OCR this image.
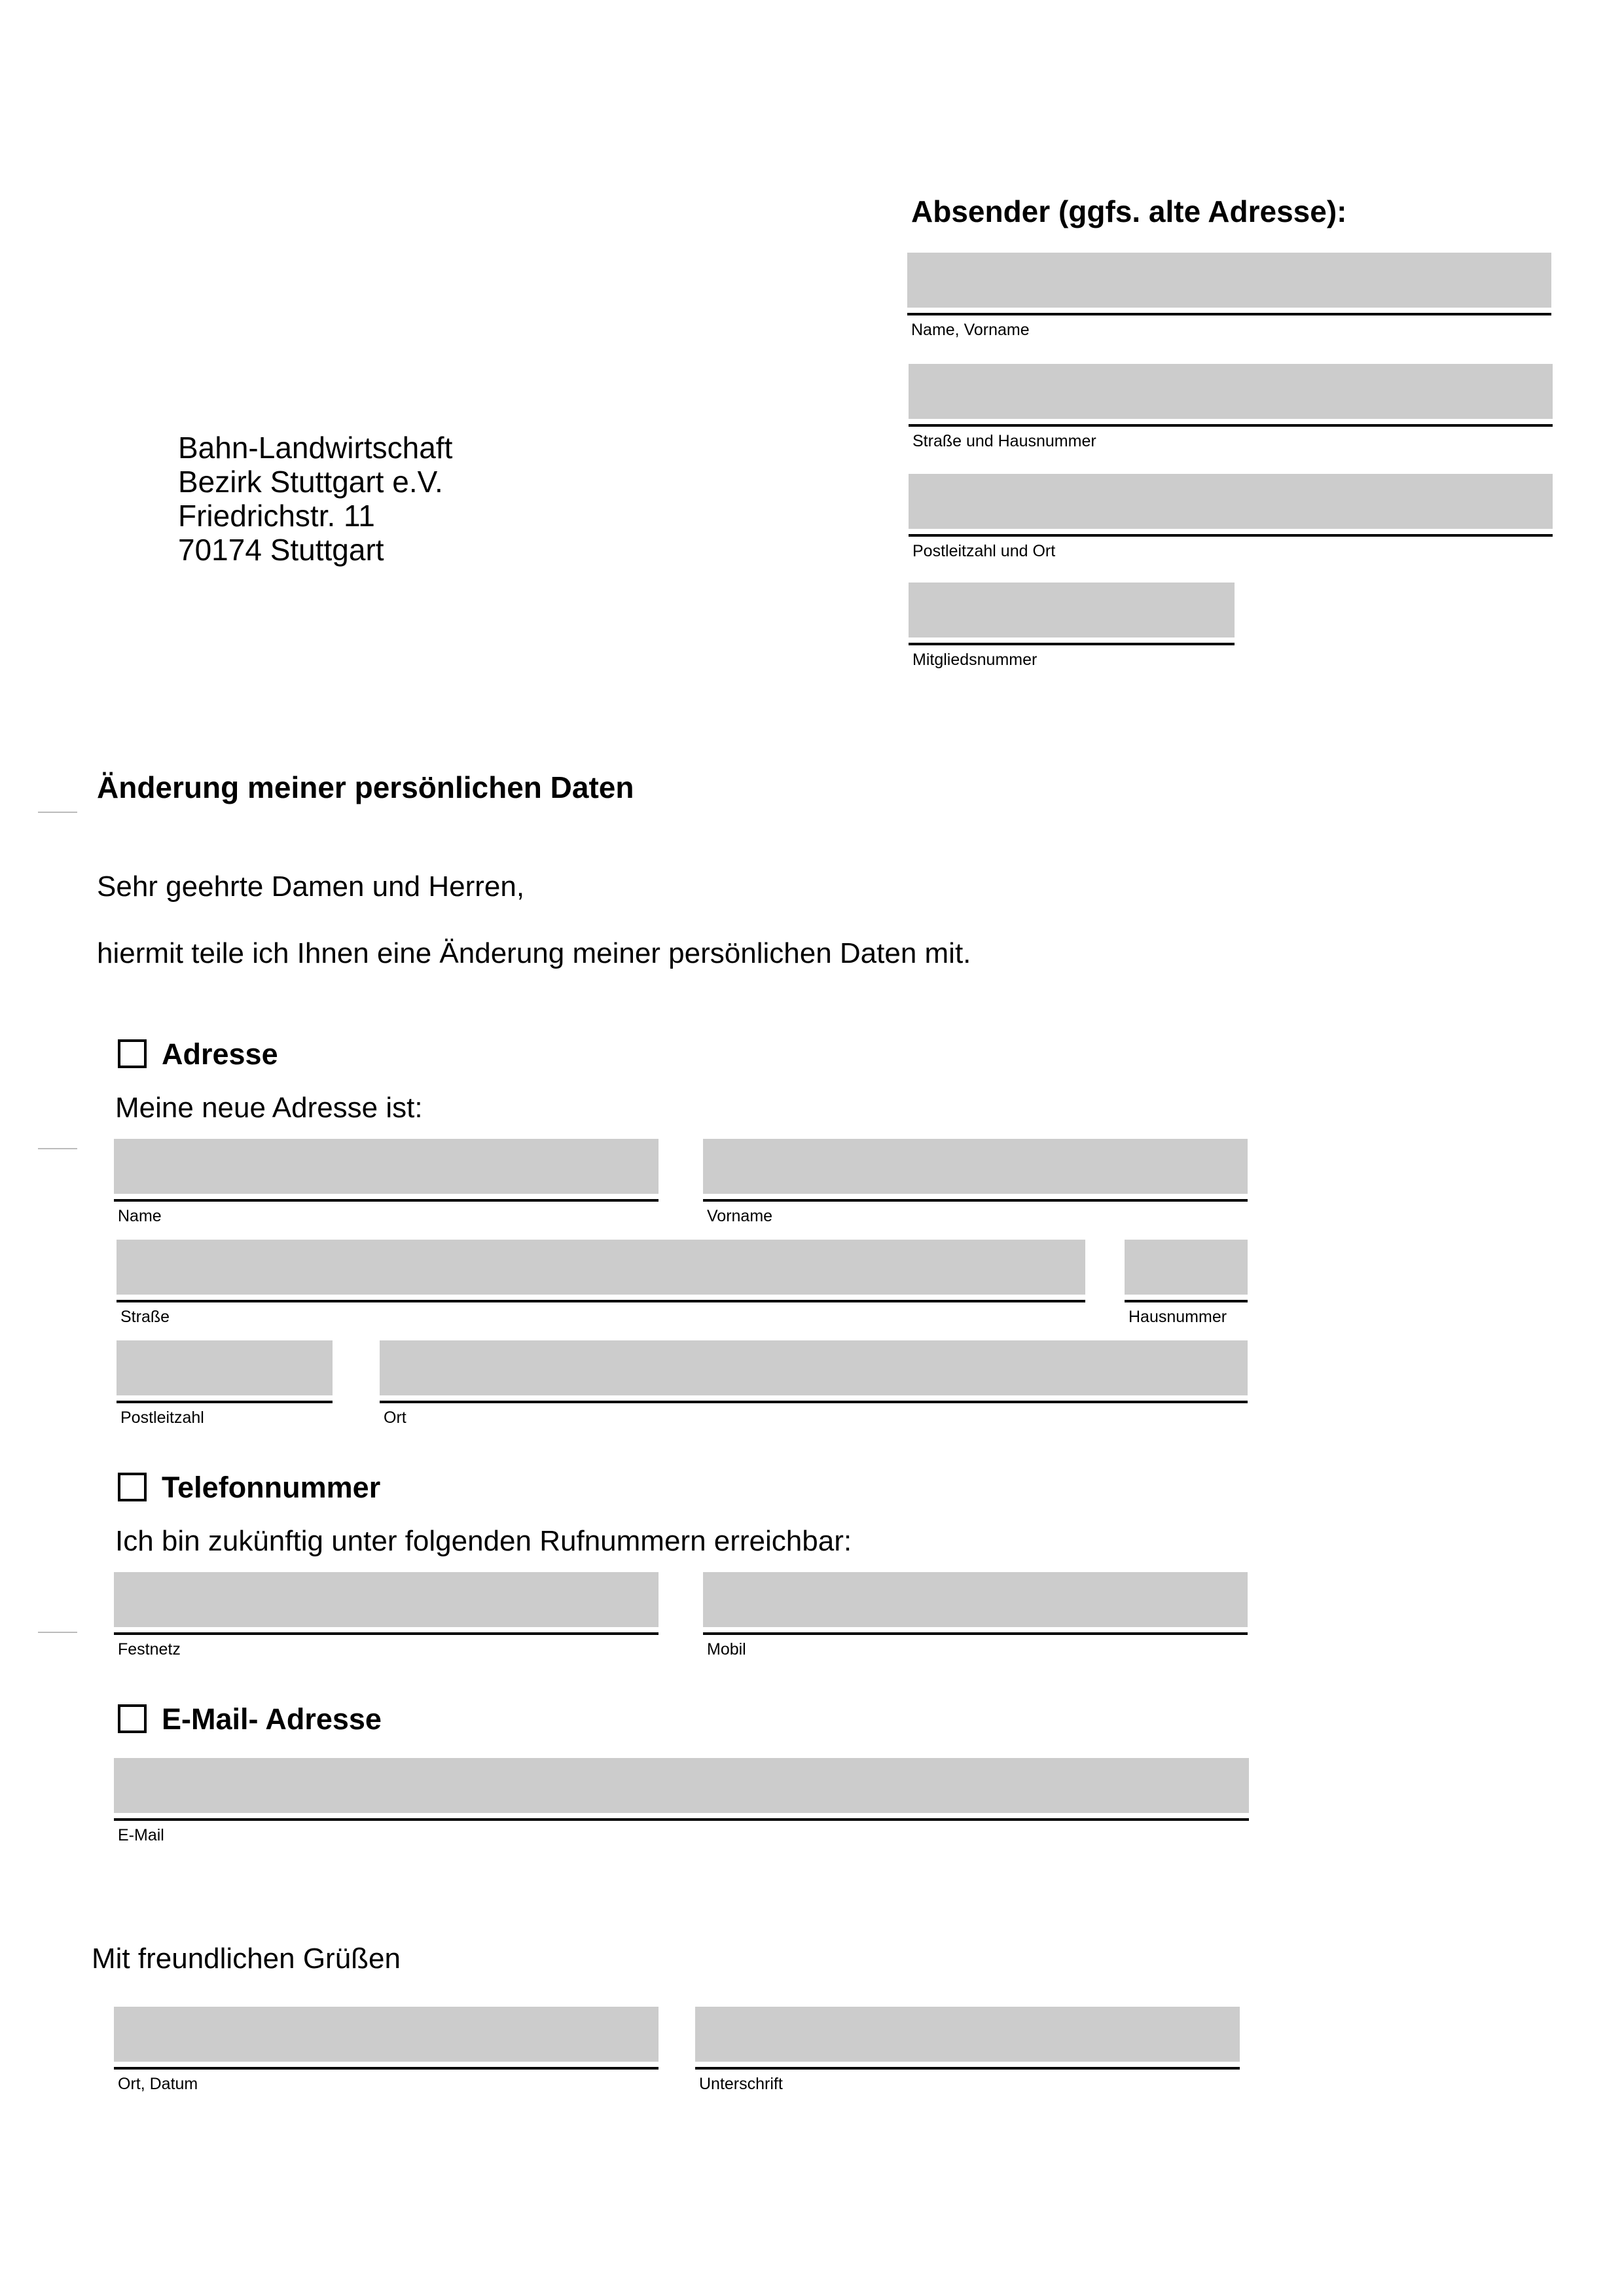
Absender (ggfs. alte Adresse):
Name, Vorname
Straße und Hausnummer
Postleitzahl und Ort
Mitgliedsnummer
Bahn-Landwirtschaft
Bezirk Stuttgart e.V.
Friedrichstr. 11
70174 Stuttgart
Änderung meiner persönlichen Daten
Sehr geehrte Damen und Herren,
hiermit teile ich Ihnen eine Änderung meiner persönlichen Daten mit.
Adresse
Meine neue Adresse ist:
Name	Vorname
Straße	Hausnummer
Postleitzahl	Ort
Telefonnummer
Ich bin zukünftig unter folgenden Rufnummern erreichbar:
Festnetz	Mobil
E-Mail- Adresse
E-Mail
Mit freundlichen Grüßen
Ort, Datum	Unterschrift
